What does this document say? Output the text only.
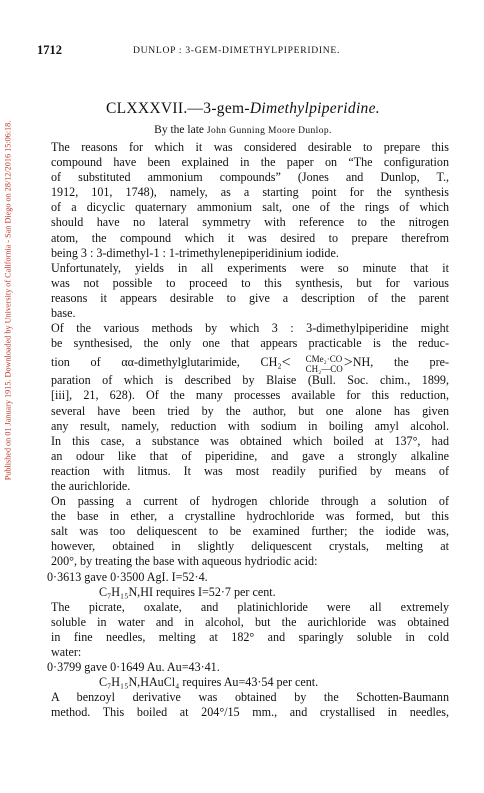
Published on 01 January 1915. Downloaded by University of California - San Diego on 28/12/2016 15:06:18.
1712	DUNLOP : 3-GEM-DIMETHYLPIPERIDINE.
CLXXXVII.—3-gem-Dimethylpiperidine.
By the late John Gunning Moore Dunlop.

The reasons for which it was considered desirable to prepare this
compound have been explained in the paper on “The configuration
of substituted ammonium compounds” (Jones and Dunlop, T.,
1912, 101, 1748), namely, as a starting point for the synthesis
of a dicyclic quaternary ammonium salt, one of the rings of which
should have no lateral symmetry with reference to the nitrogen
atom, the compound which it was desired to prepare therefrom
being 3 : 3-dimethyl-1 : 1-trimethylenepiperidinium iodide.

Unfortunately, yields in all experiments were so minute that it
was not possible to proceed to this synthesis, but for various
reasons it appears desirable to give a description of the parent
base.

Of the various methods by which 3 : 3-dimethylpiperidine might
be synthesised, the only one that appears practicable is the reduc-
tion of αα-dimethylglutarimide, CH₂<	CMe₂·CO
CH₂—CO >NH, the pre-
paration of which is described by Blaise (Bull. Soc. chim., 1899,
[iii], 21, 628). Of the many processes available for this reduction,
several have been tried by the author, but one alone has given
any result, namely, reduction with sodium in boiling amyl alcohol.
In this case, a substance was obtained which boiled at 137°, had
an odour like that of piperidine, and gave a strongly alkaline
reaction with litmus. It was most readily purified by means of
the aurichloride.

On passing a current of hydrogen chloride through a solution of
the base in ether, a crystalline hydrochloride was formed, but this
salt was too deliquescent to be examined further; the iodide was,
however, obtained in slightly deliquescent crystals, melting at
200°, by treating the base with aqueous hydriodic acid:

0·3613 gave 0·3500 AgI. I=52·4.
C₇H₁₅N,HI requires I=52·7 per cent.

The picrate, oxalate, and platinichloride were all extremely
soluble in water and in alcohol, but the aurichloride was obtained
in fine needles, melting at 182° and sparingly soluble in cold
water:

0·3799 gave 0·1649 Au. Au=43·41.
C₇H₁₅N,HAuCl₄ requires Au=43·54 per cent.

A benzoyl derivative was obtained by the Schotten-Baumann
method. This boiled at 204°/15 mm., and crystallised in needles,
